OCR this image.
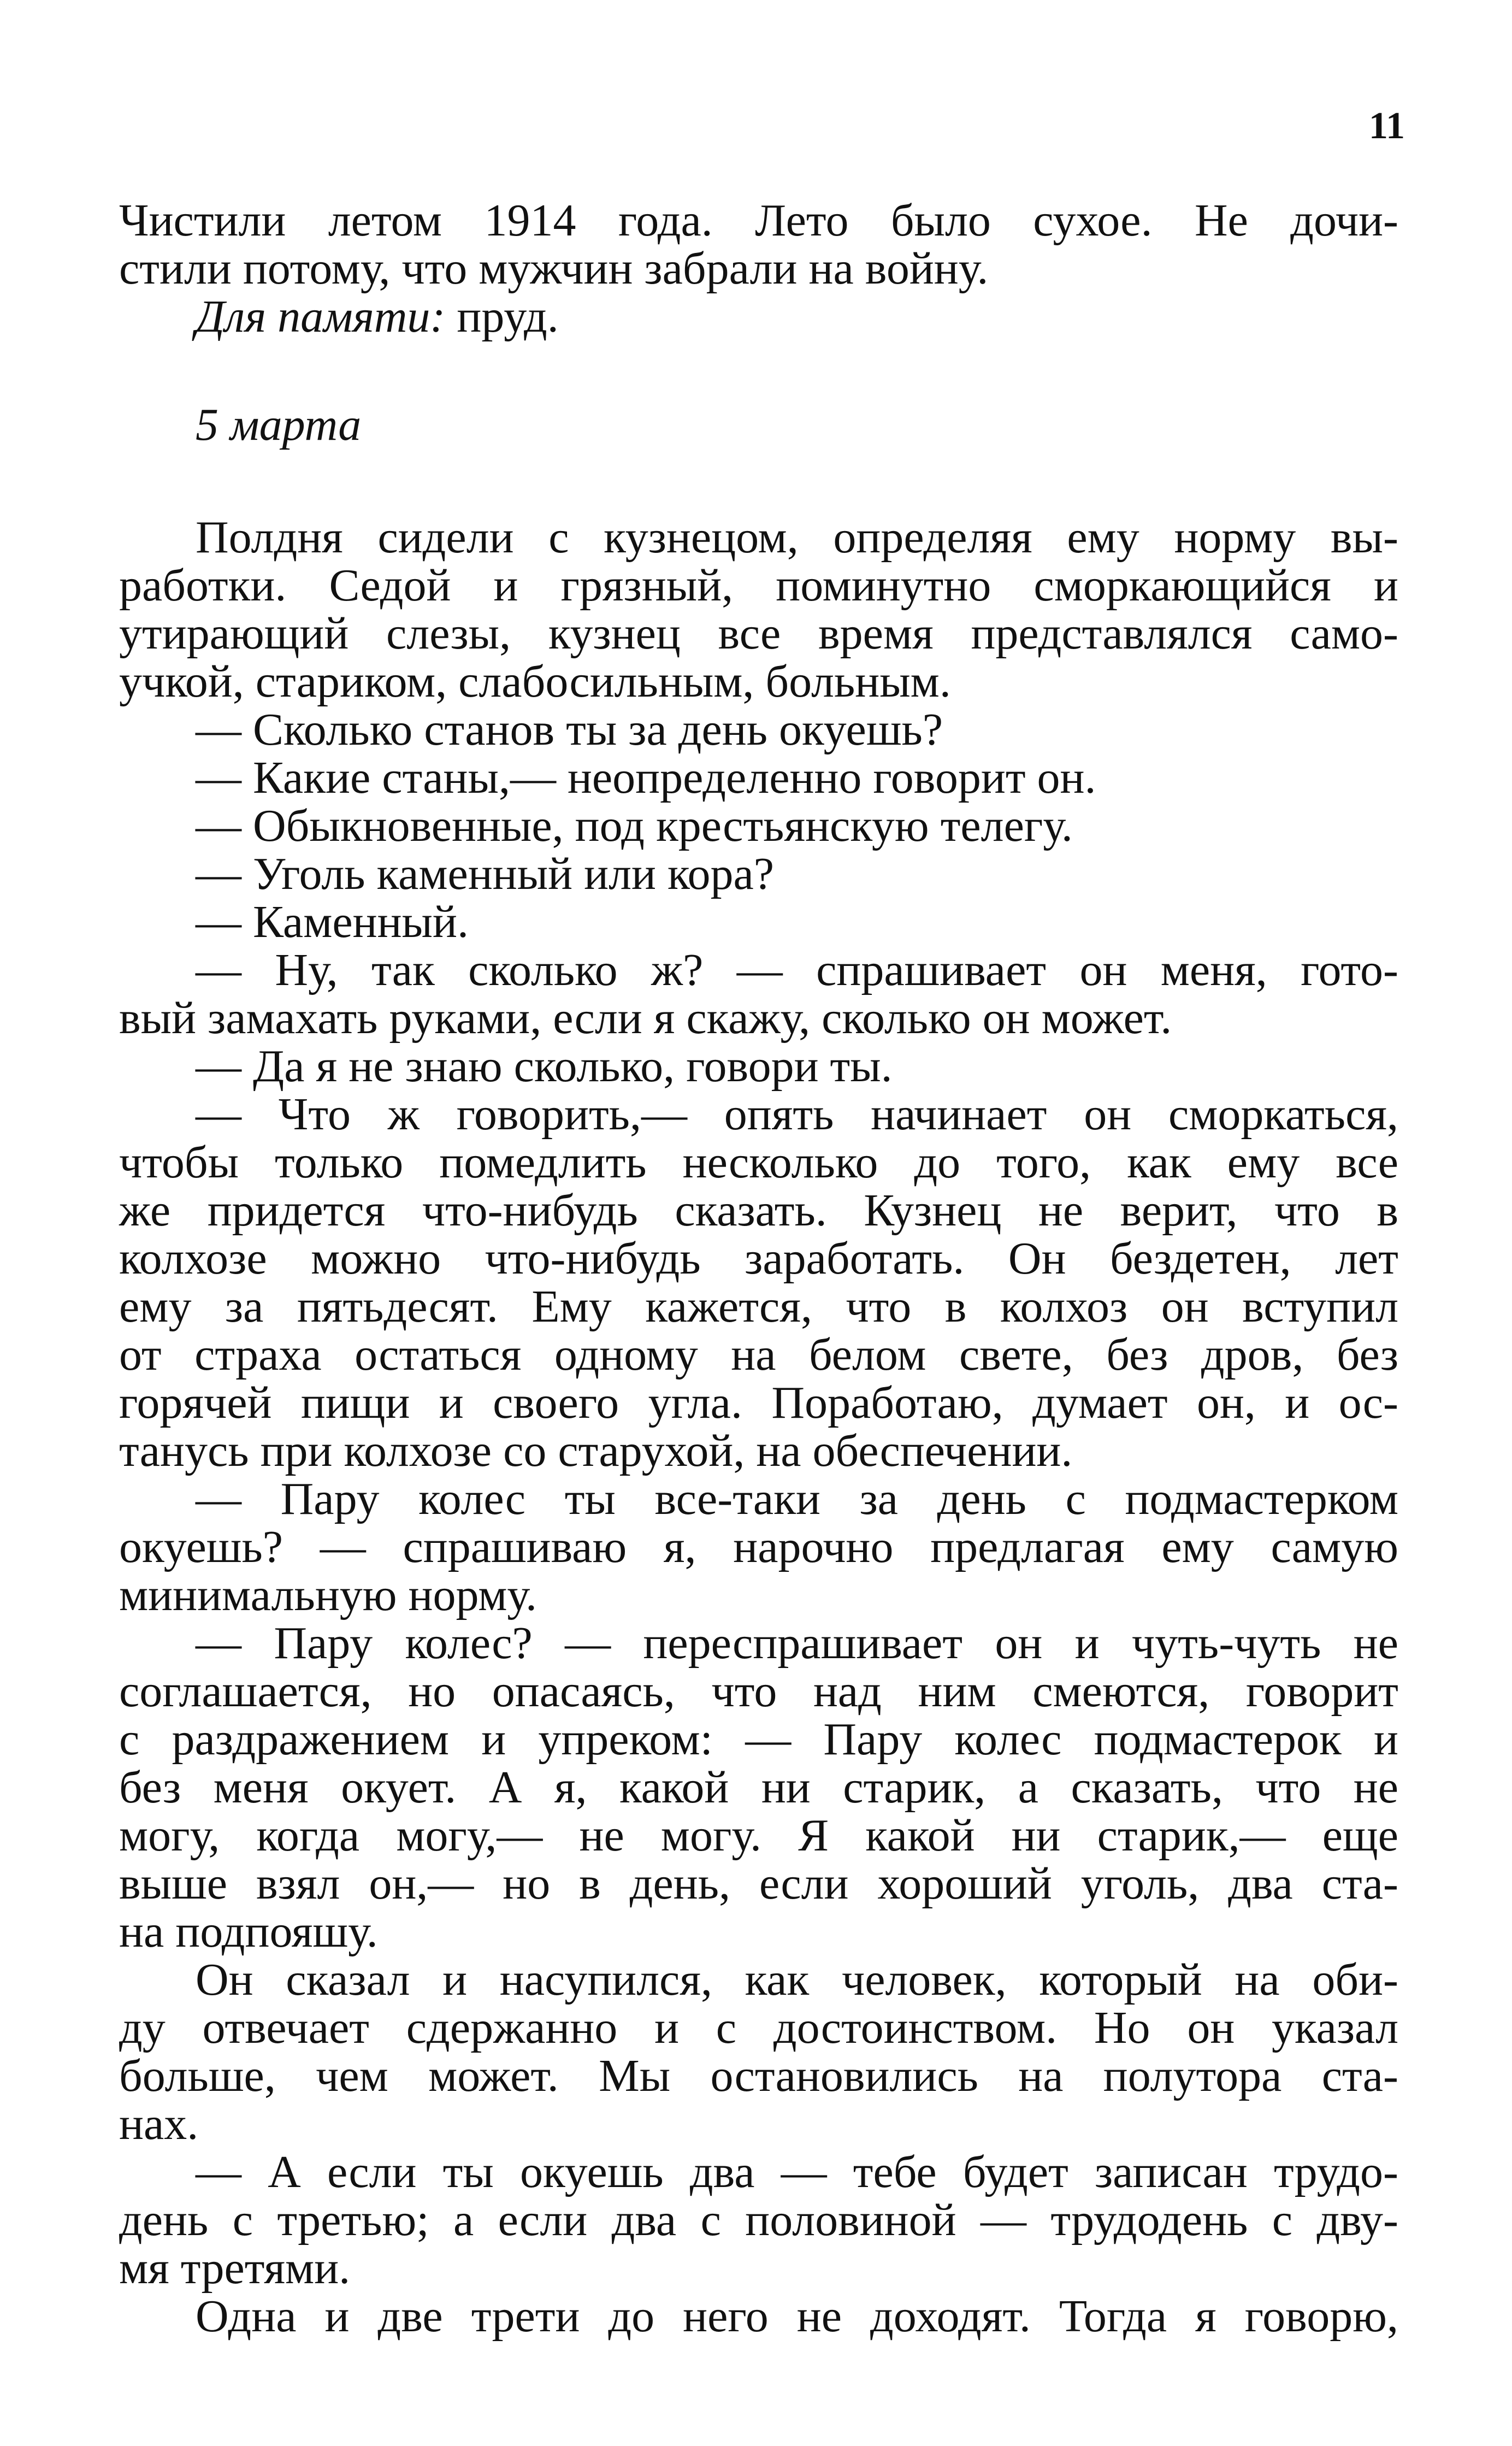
11
Чистили летом 1914 года. Лето было сухое. Не дочи-
стили потому, что мужчин забрали на войну.
Для памяти: пруд.
5 марта
Полдня сидели с кузнецом, определяя ему норму вы-
работки. Седой и грязный, поминутно сморкающийся и
утирающий слезы, кузнец все время представлялся само-
учкой, стариком, слабосильным, больным.
— Сколько станов ты за день окуешь?
— Какие станы,— неопределенно говорит он.
— Обыкновенные, под крестьянскую телегу.
— Уголь каменный или кора?
— Каменный.
— Ну, так сколько ж? — спрашивает он меня, гото-
вый замахать руками, если я скажу, сколько он может.
— Да я не знаю сколько, говори ты.
— Что ж говорить,— опять начинает он сморкаться,
чтобы только помедлить несколько до того, как ему все
же придется что-нибудь сказать. Кузнец не верит, что в
колхозе можно что-нибудь заработать. Он бездетен, лет
ему за пятьдесят. Ему кажется, что в колхоз он вступил
от страха остаться одному на белом свете, без дров, без
горячей пищи и своего угла. Поработаю, думает он, и ос-
танусь при колхозе со старухой, на обеспечении.
— Пару колес ты все-таки за день с подмастерком
окуешь? — спрашиваю я, нарочно предлагая ему самую
минимальную норму.
— Пару колес? — переспрашивает он и чуть-чуть не
соглашается, но опасаясь, что над ним смеются, говорит
с раздражением и упреком: — Пару колес подмастерок и
без меня окует. А я, какой ни старик, а сказать, что не
могу, когда могу,— не могу. Я какой ни старик,— еще
выше взял он,— но в день, если хороший уголь, два ста-
на подпояшу.
Он сказал и насупился, как человек, который на оби-
ду отвечает сдержанно и с достоинством. Но он указал
больше, чем может. Мы остановились на полутора ста-
нах.
— А если ты окуешь два — тебе будет записан трудо-
день с третью; а если два с половиной — трудодень с дву-
мя третями.
Одна и две трети до него не доходят. Тогда я говорю,
